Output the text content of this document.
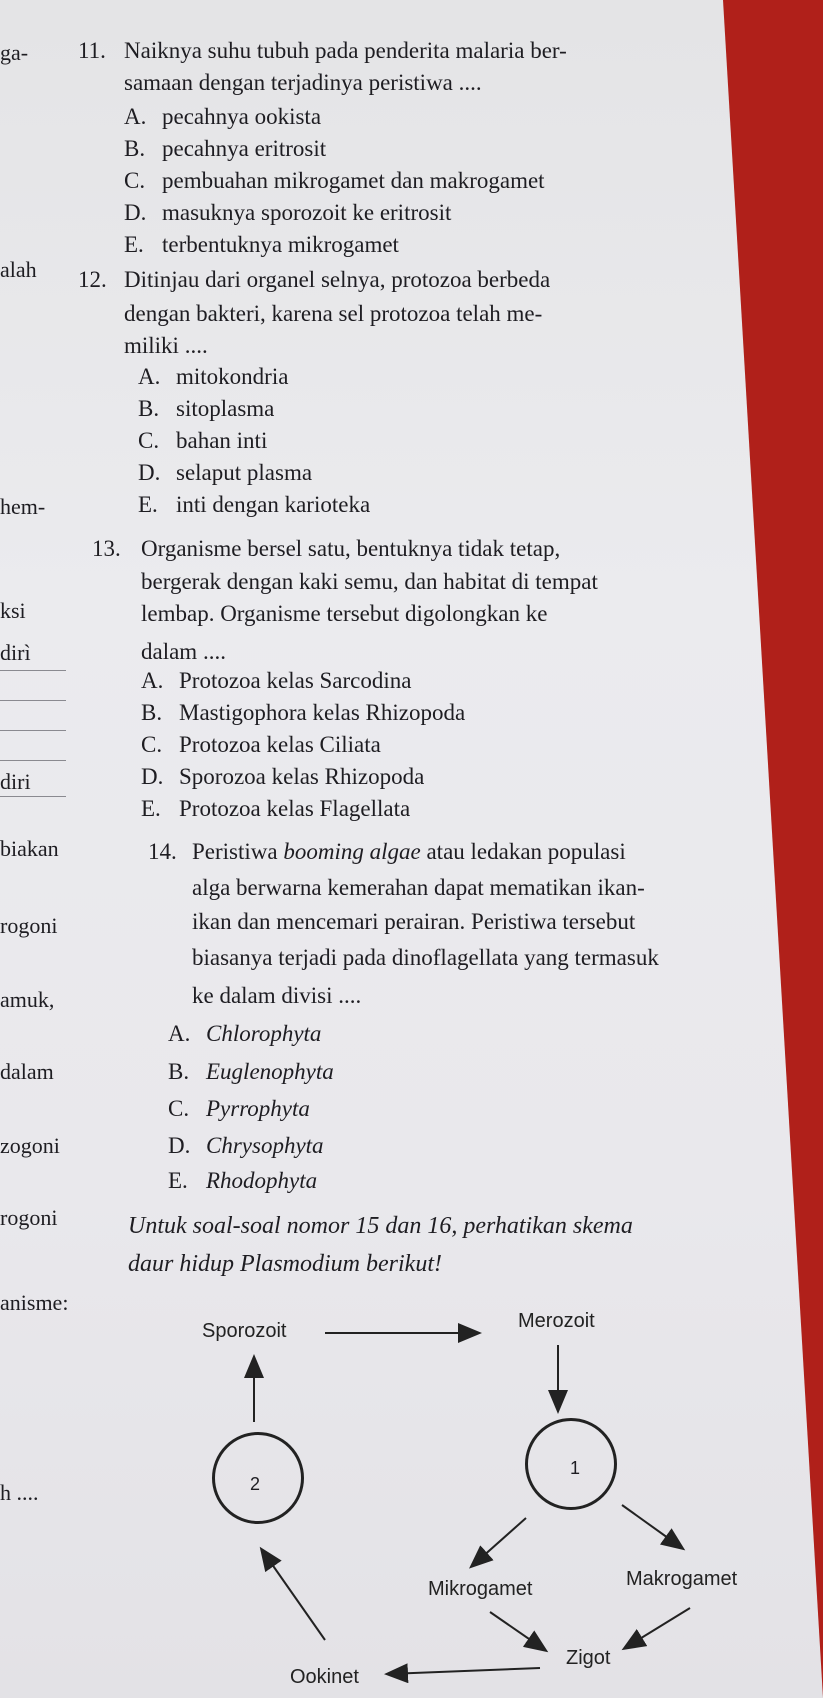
ga-
alah
hem-
ksi
dirì
diri
biakan
rogoni
amuk,
dalam
zogoni
rogoni
anisme:
h ....
11. Naiknya suhu tubuh pada penderita malaria ber-
samaan dengan terjadinya peristiwa ....
A. pecahnya ookista
B. pecahnya eritrosit
C. pembuahan mikrogamet dan makrogamet
D. masuknya sporozoit ke eritrosit
E. terbentuknya mikrogamet
12. Ditinjau dari organel selnya, protozoa berbeda
dengan bakteri, karena sel protozoa telah me-
miliki ....
A. mitokondria
B. sitoplasma
C. bahan inti
D. selaput plasma
E. inti dengan karioteka
13. Organisme bersel satu, bentuknya tidak tetap,
bergerak dengan kaki semu, dan habitat di tempat
lembap. Organisme tersebut digolongkan ke
dalam ....
A. Protozoa kelas Sarcodina
B. Mastigophora kelas Rhizopoda
C. Protozoa kelas Ciliata
D. Sporozoa kelas Rhizopoda
E. Protozoa kelas Flagellata
14. Peristiwa booming algae atau ledakan populasi
alga berwarna kemerahan dapat mematikan ikan-
ikan dan mencemari perairan. Peristiwa tersebut
biasanya terjadi pada dinoflagellata yang termasuk
ke dalam divisi ....
A. Chlorophyta
B. Euglenophyta
C. Pyrrophyta
D. Chrysophyta
E. Rhodophyta
Untuk soal-soal nomor 15 dan 16, perhatikan skema
daur hidup Plasmodium berikut!
Sporozoit	Merozoit
1
2
Mikrogamet	Makrogamet
Zigot
Ookinet
